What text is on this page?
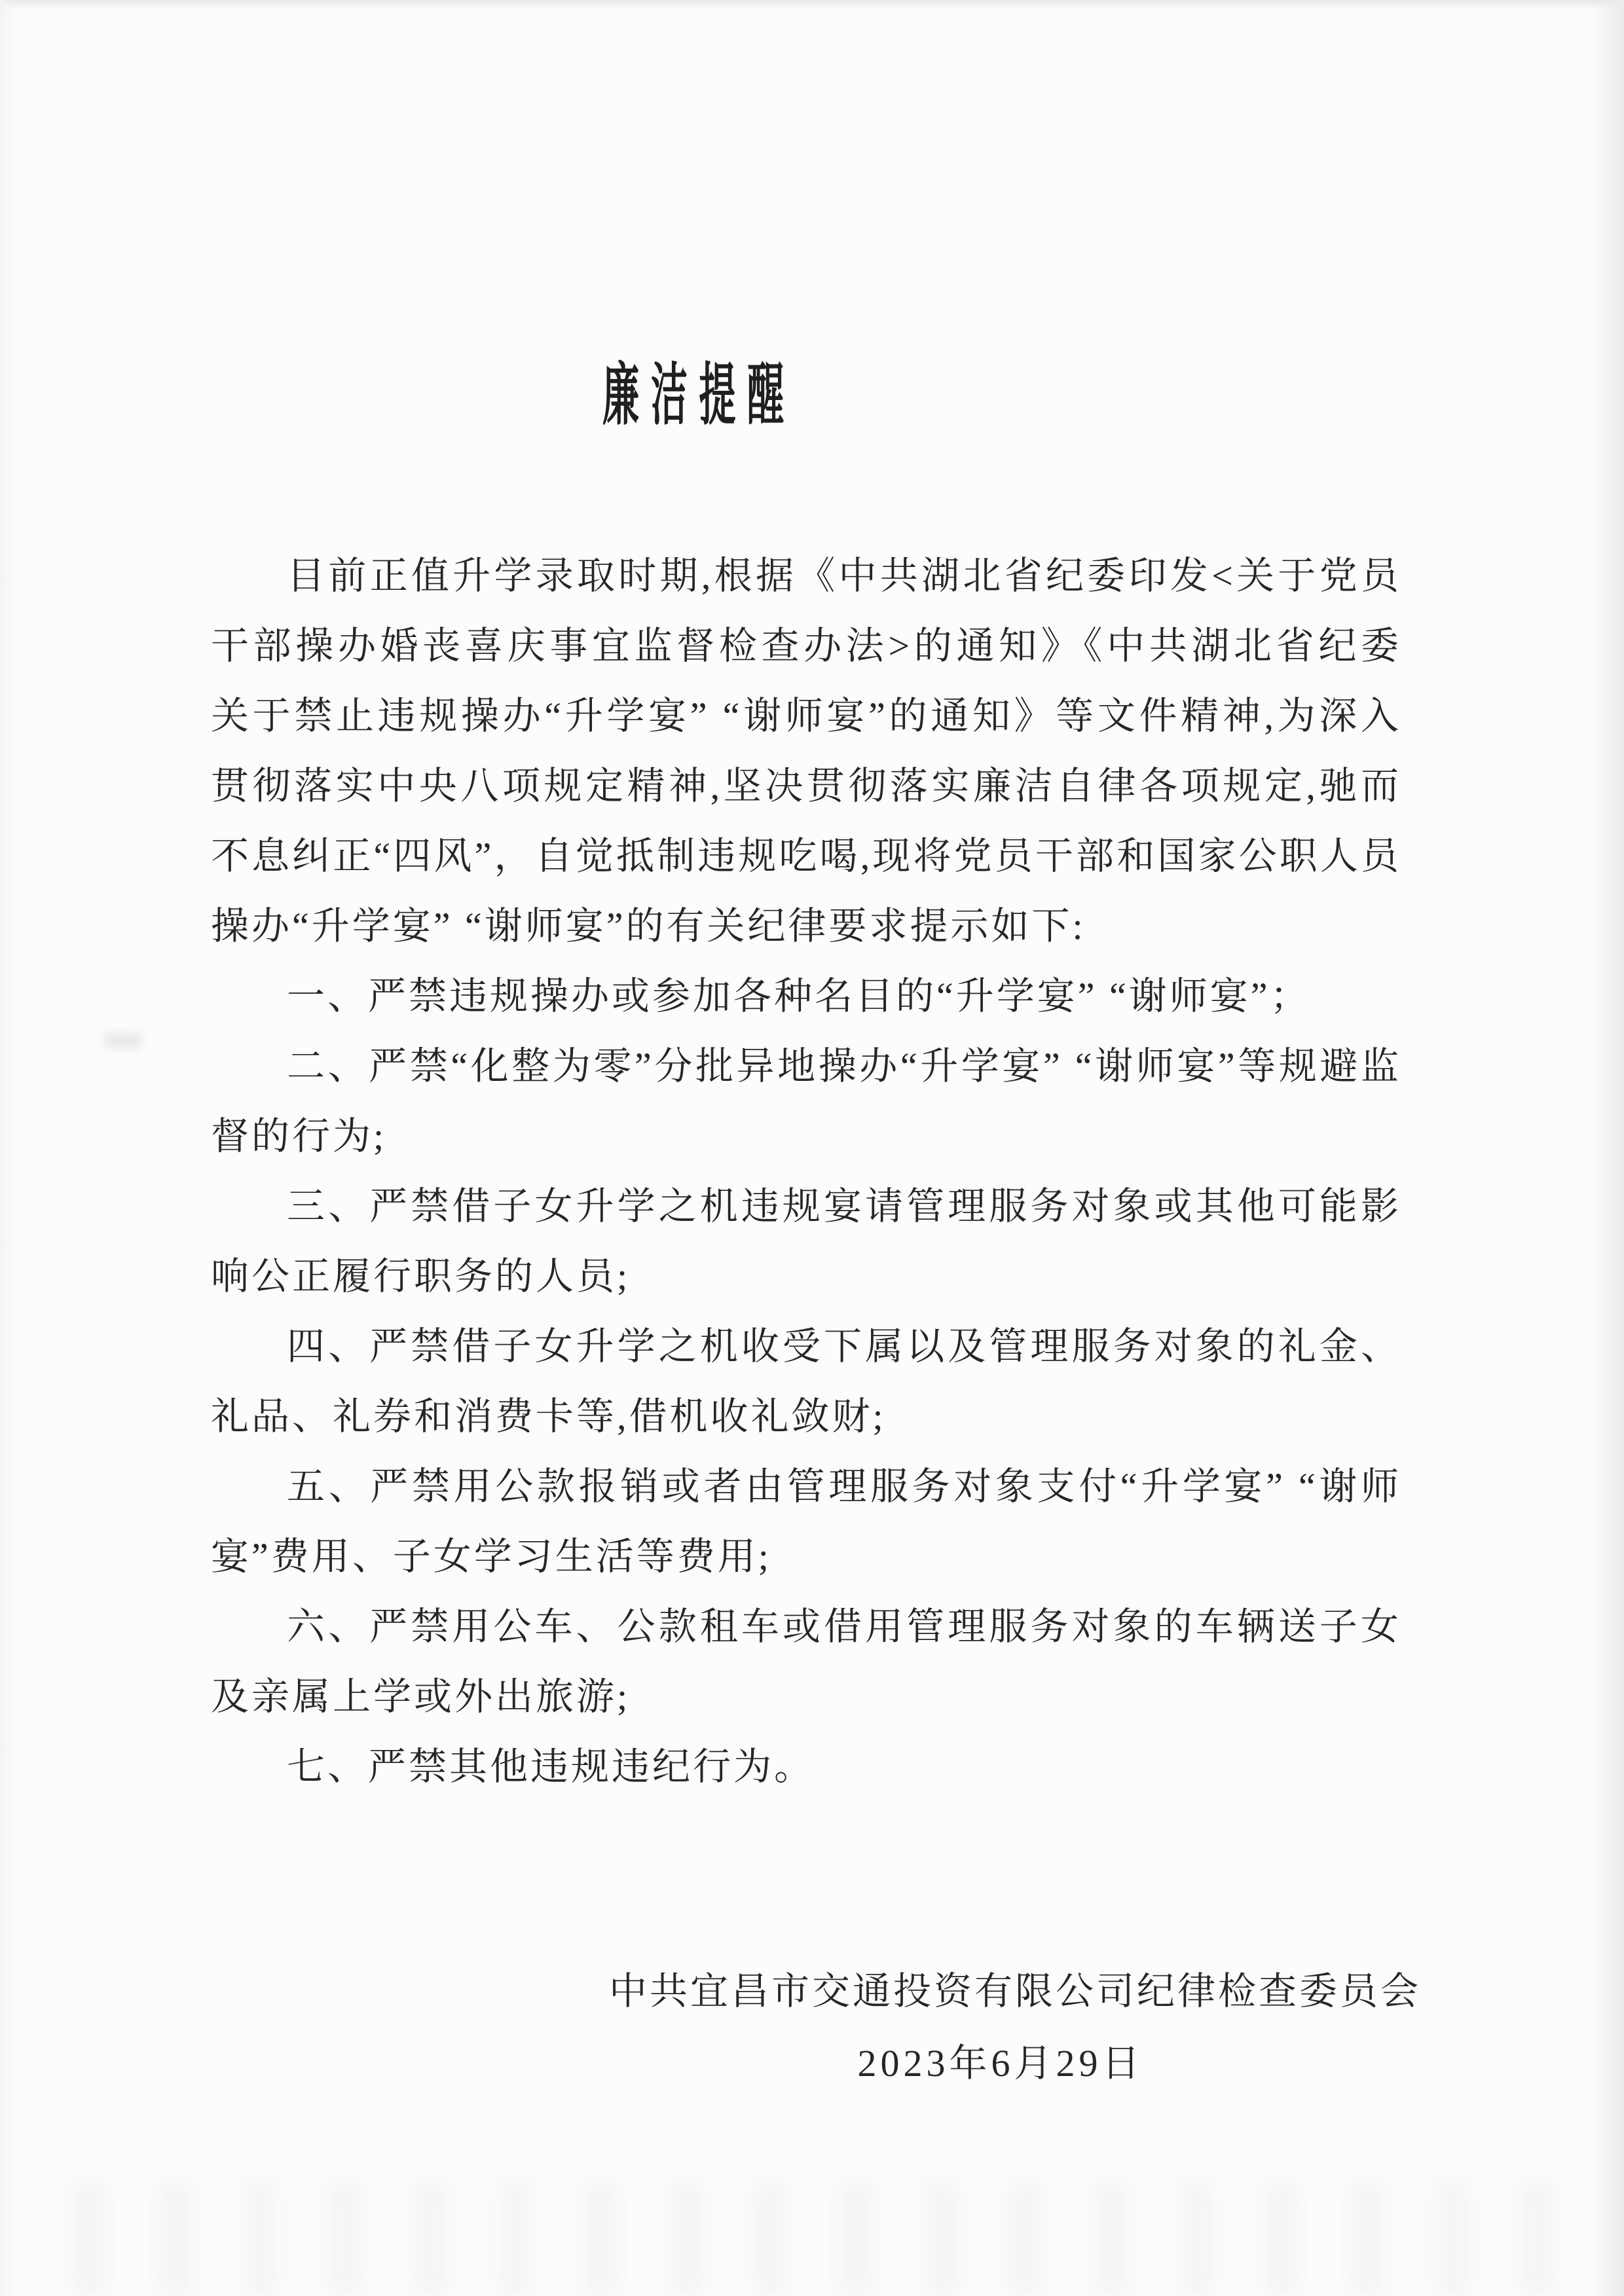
廉洁提醒

目前正值升学录取时期,根据《中共湖北省纪委印发<关于党员干部操办婚丧喜庆事宜监督检查办法>的通知》《中共湖北省纪委　关于禁止违规操办“升学宴” “谢师宴”的通知》等文件精神,为深入贯彻落实中央八项规定精神,坚决贯彻落实廉洁自律各项规定,驰而不息纠正“四风”，自觉抵制违规吃喝,现将党员干部和国家公职人员操办“升学宴” “谢师宴”的有关纪律要求提示如下:

一、严禁违规操办或参加各种名目的“升学宴” “谢师宴”；

二、严禁“化整为零”分批异地操办“升学宴” “谢师宴”等规避监督的行为;

三、严禁借子女升学之机违规宴请管理服务对象或其他可能影响公正履行职务的人员;

四、严禁借子女升学之机收受下属以及管理服务对象的礼金、礼品、礼券和消费卡等,借机收礼敛财;

五、严禁用公款报销或者由管理服务对象支付“升学宴” “谢师宴”费用、子女学习生活等费用;

六、严禁用公车、公款租车或借用管理服务对象的车辆送子女及亲属上学或外出旅游;

七、严禁其他违规违纪行为。

中共宜昌市交通投资有限公司纪律检查委员会
2023年6月29日
